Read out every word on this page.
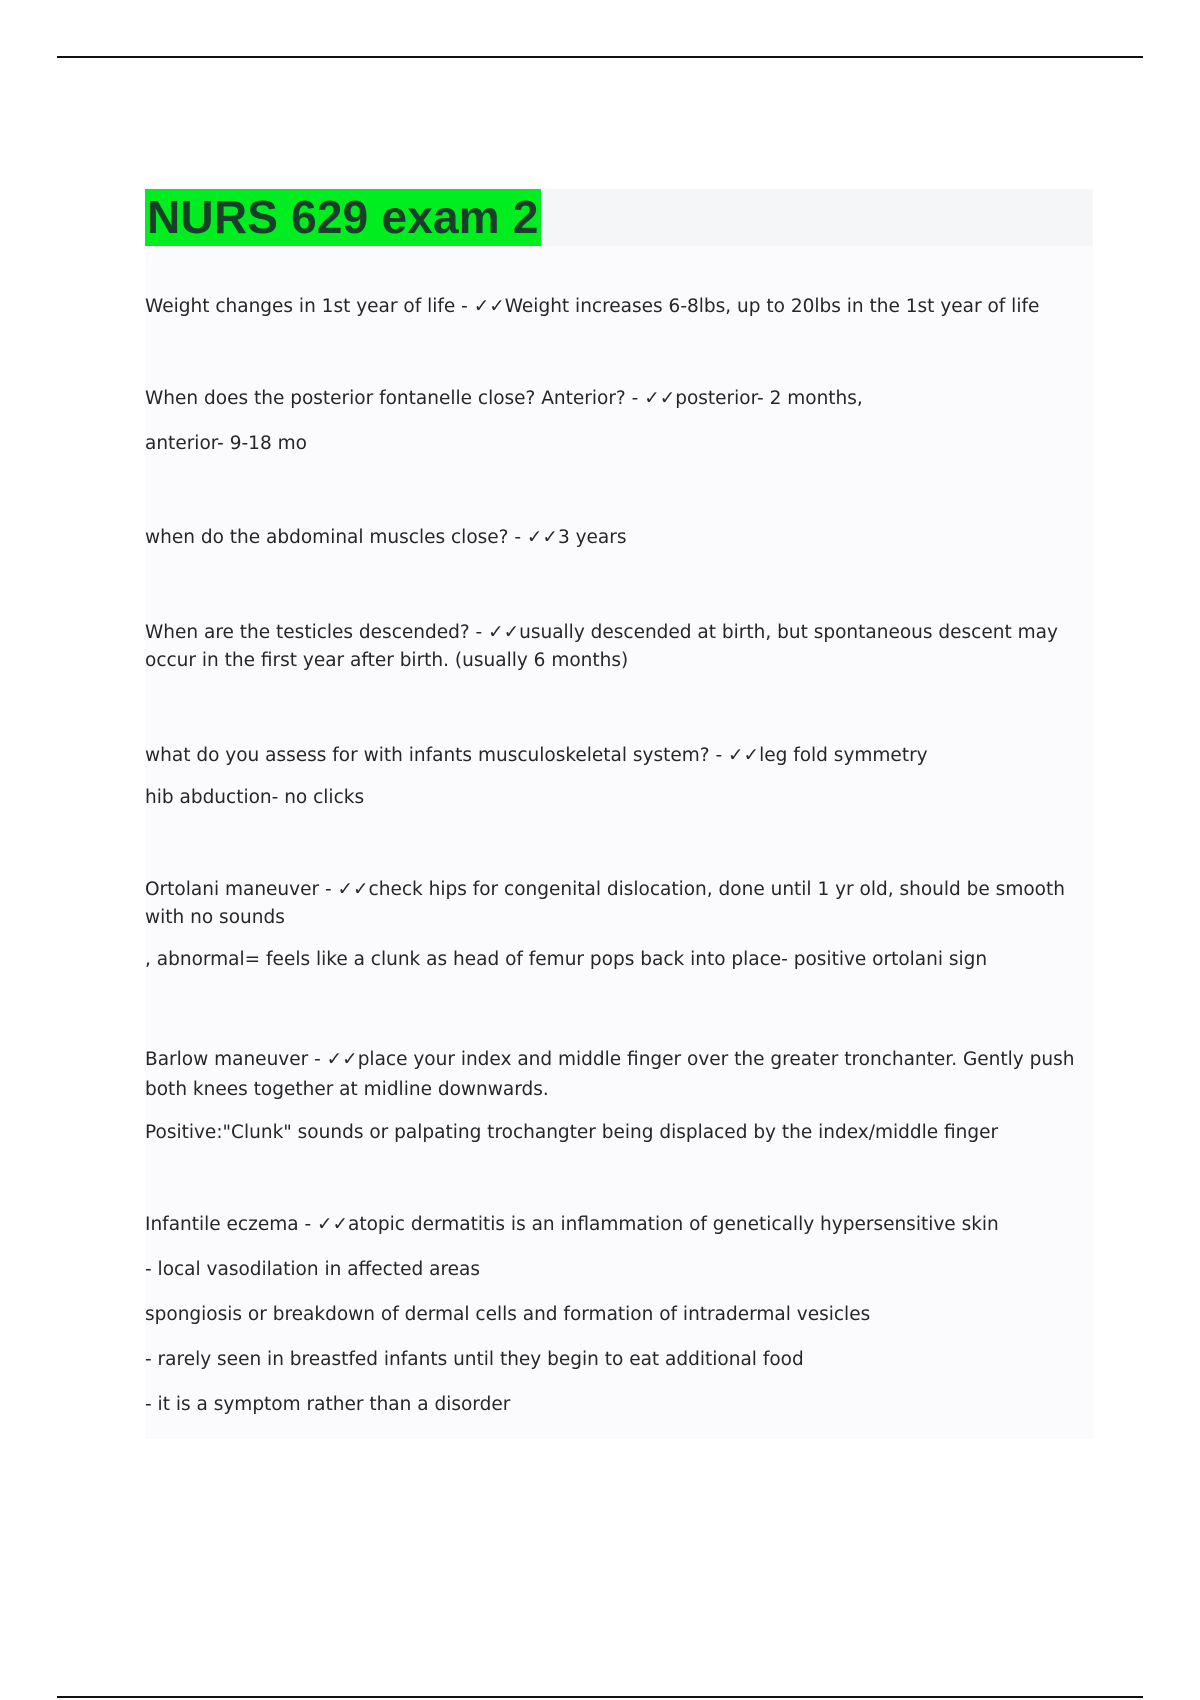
NURS 629 exam 2
Weight changes in 1st year of life - ✓✓Weight increases 6-8lbs, up to 20lbs in the 1st year of life
When does the posterior fontanelle close? Anterior? - ✓✓posterior- 2 months,
anterior- 9-18 mo
when do the abdominal muscles close? - ✓✓3 years
When are the testicles descended? - ✓✓usually descended at birth, but spontaneous descent may occur in the first year after birth. (usually 6 months)
what do you assess for with infants musculoskeletal system? - ✓✓leg fold symmetry
hib abduction- no clicks
Ortolani maneuver - ✓✓check hips for congenital dislocation, done until 1 yr old, should be smooth with no sounds
, abnormal= feels like a clunk as head of femur pops back into place- positive ortolani sign
Barlow maneuver - ✓✓place your index and middle finger over the greater tronchanter. Gently push both knees together at midline downwards.
Positive:"Clunk" sounds or palpating trochangter being displaced by the index/middle finger
Infantile eczema - ✓✓atopic dermatitis is an inflammation of genetically hypersensitive skin
- local vasodilation in affected areas
spongiosis or breakdown of dermal cells and formation of intradermal vesicles
- rarely seen in breastfed infants until they begin to eat additional food
- it is a symptom rather than a disorder
